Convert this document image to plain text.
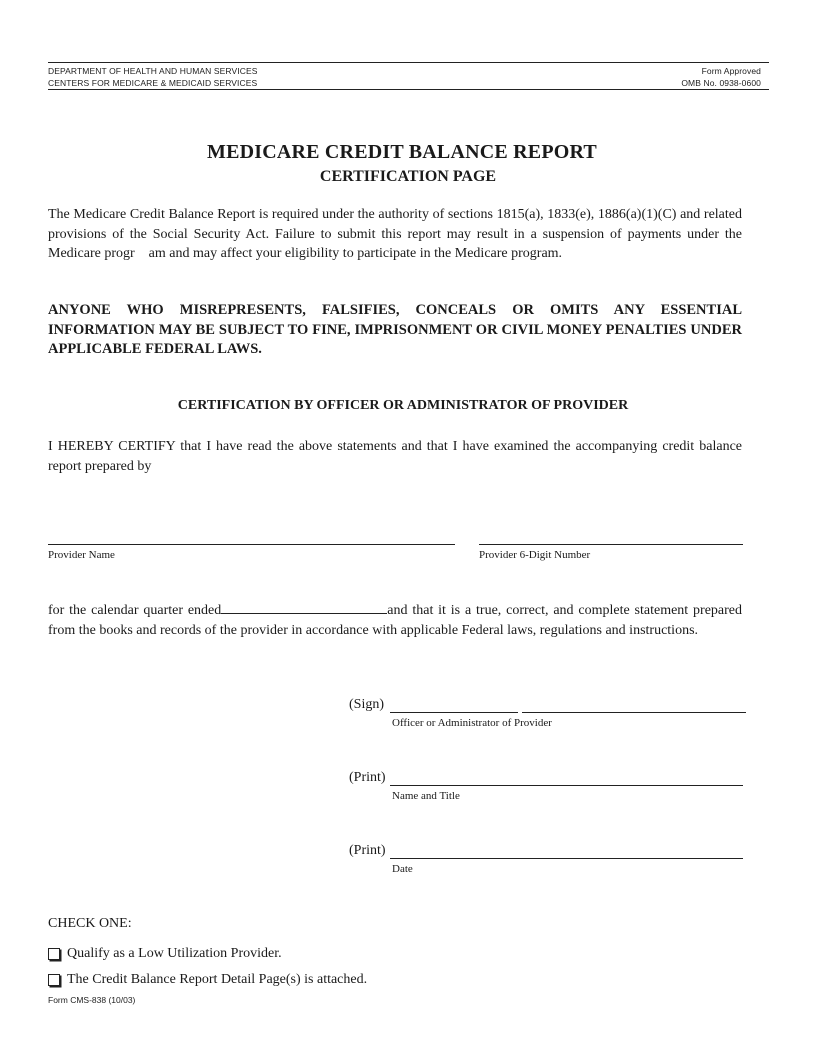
DEPARTMENT OF HEALTH AND HUMAN SERVICES
CENTERS FOR MEDICARE & MEDICAID SERVICES
Form Approved
OMB No. 0938-0600
MEDICARE CREDIT BALANCE REPORT
CERTIFICATION PAGE
The Medicare Credit Balance Report is required under the authority of sections 1815(a), 1833(e), 1886(a)(1)(C) and related provisions of the Social Security Act. Failure to submit this report may result in a suspension of payments under the Medicare progr    am and may affect your eligibility to participate in the Medicare program.
ANYONE WHO MISREPRESENTS, FALSIFIES, CONCEALS OR OMITS ANY ESSENTIAL INFORMATION MAY BE SUBJECT TO FINE, IMPRISONMENT OR CIVIL MONEY PENALTIES UNDER APPLICABLE FEDERAL LAWS.
CERTIFICATION BY OFFICER OR ADMINISTRATOR OF PROVIDER
I HEREBY CERTIFY that I have read the above statements and that I have examined the accompanying credit balance report prepared by
Provider Name	Provider 6-Digit Number
for the calendar quarter ended	and that it is a true, correct, and complete statement prepared from the books and records of the provider in accordance with applicable Federal laws, regulations and instructions.
(Sign)
Officer or Administrator of Provider
(Print)
Name and Title
(Print)
Date
CHECK ONE:
Qualify as a Low Utilization Provider.
The Credit Balance Report Detail Page(s) is attached.
Form CMS-838 (10/03)
